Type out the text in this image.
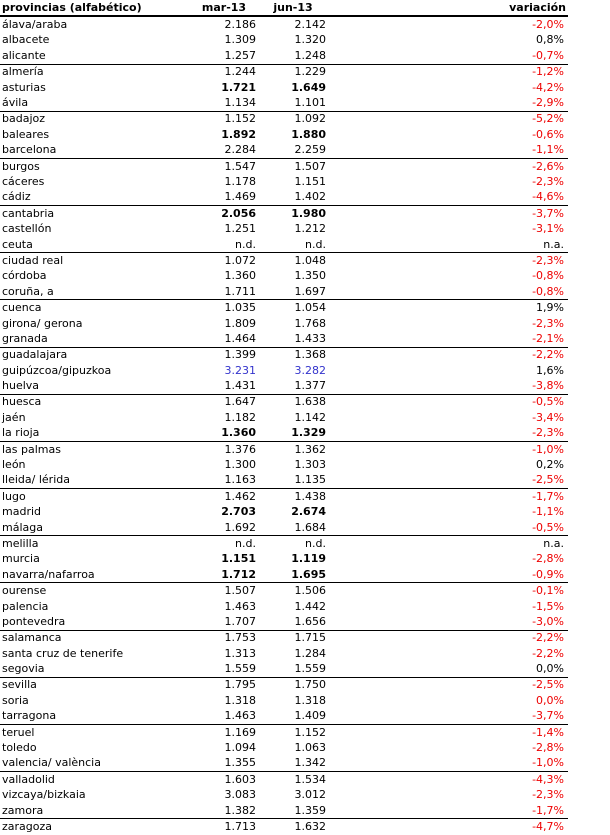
provincias (alfabético)	mar-13	jun-13	variación
álava/araba	2.186	2.142	-2,0%
albacete	1.309	1.320	0,8%
alicante	1.257	1.248	-0,7%
almería	1.244	1.229	-1,2%
asturias	1.721	1.649	-4,2%
ávila	1.134	1.101	-2,9%
badajoz	1.152	1.092	-5,2%
baleares	1.892	1.880	-0,6%
barcelona	2.284	2.259	-1,1%
burgos	1.547	1.507	-2,6%
cáceres	1.178	1.151	-2,3%
cádiz	1.469	1.402	-4,6%
cantabria	2.056	1.980	-3,7%
castellón	1.251	1.212	-3,1%
ceuta	n.d.	n.d.	n.a.
ciudad real	1.072	1.048	-2,3%
córdoba	1.360	1.350	-0,8%
coruña, a	1.711	1.697	-0,8%
cuenca	1.035	1.054	1,9%
girona/ gerona	1.809	1.768	-2,3%
granada	1.464	1.433	-2,1%
guadalajara	1.399	1.368	-2,2%
guipúzcoa/gipuzkoa	3.231	3.282	1,6%
huelva	1.431	1.377	-3,8%
huesca	1.647	1.638	-0,5%
jaén	1.182	1.142	-3,4%
la rioja	1.360	1.329	-2,3%
las palmas	1.376	1.362	-1,0%
león	1.300	1.303	0,2%
lleida/ lérida	1.163	1.135	-2,5%
lugo	1.462	1.438	-1,7%
madrid	2.703	2.674	-1,1%
málaga	1.692	1.684	-0,5%
melilla	n.d.	n.d.	n.a.
murcia	1.151	1.119	-2,8%
navarra/nafarroa	1.712	1.695	-0,9%
ourense	1.507	1.506	-0,1%
palencia	1.463	1.442	-1,5%
pontevedra	1.707	1.656	-3,0%
salamanca	1.753	1.715	-2,2%
santa cruz de tenerife	1.313	1.284	-2,2%
segovia	1.559	1.559	0,0%
sevilla	1.795	1.750	-2,5%
soria	1.318	1.318	0,0%
tarragona	1.463	1.409	-3,7%
teruel	1.169	1.152	-1,4%
toledo	1.094	1.063	-2,8%
valencia/ valència	1.355	1.342	-1,0%
valladolid	1.603	1.534	-4,3%
vizcaya/bizkaia	3.083	3.012	-2,3%
zamora	1.382	1.359	-1,7%
zaragoza	1.713	1.632	-4,7%
